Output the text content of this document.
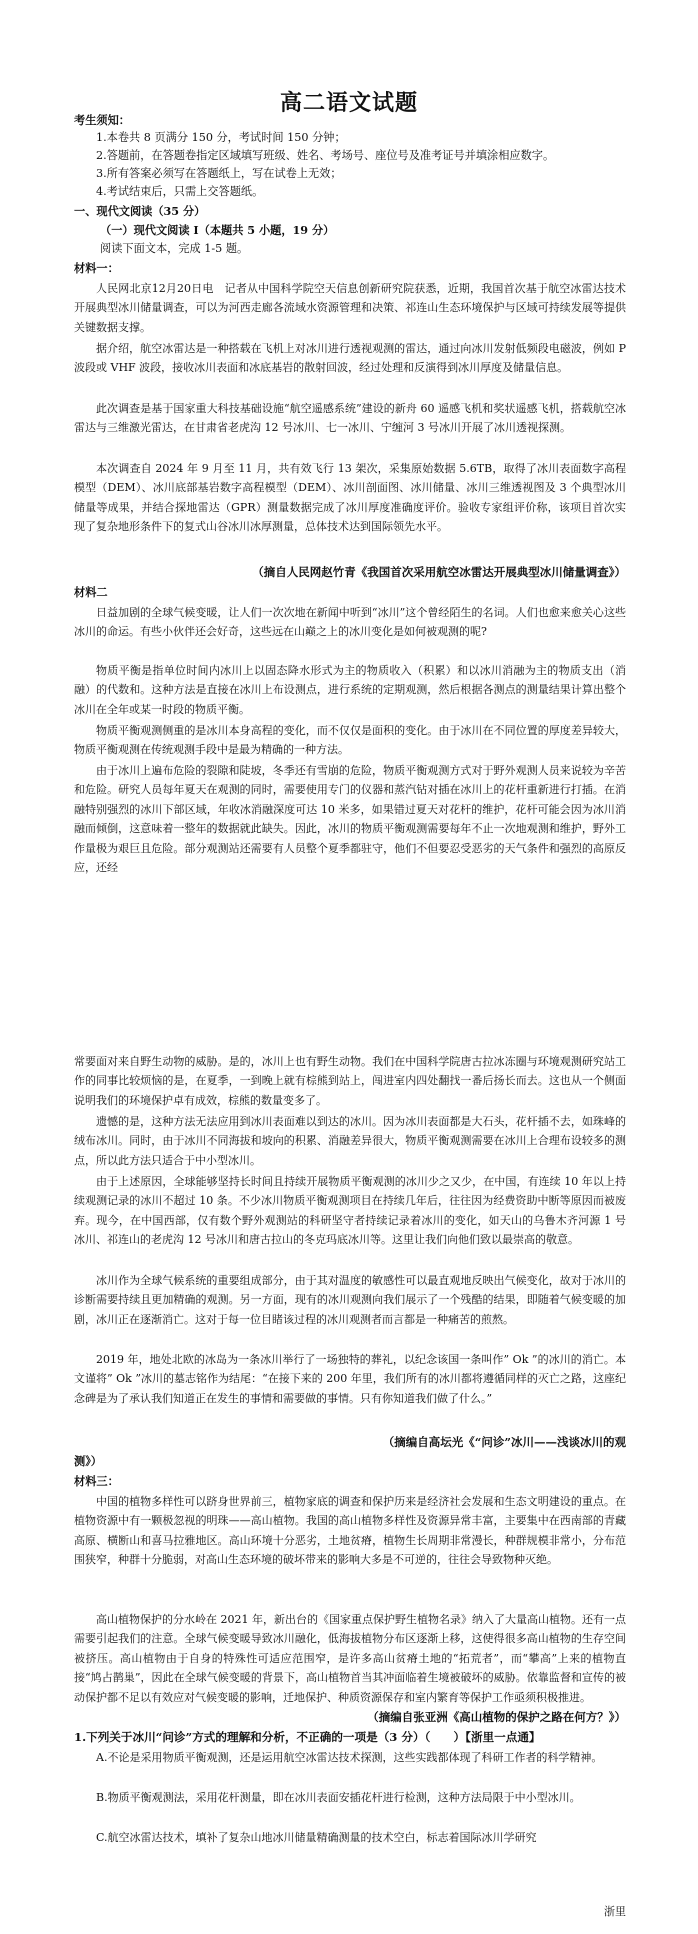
高二语文试题
考生须知：
1.本卷共 8 页满分 150 分，考试时间 150 分钟；
2.答题前，在答题卷指定区域填写班级、姓名、考场号、座位号及准考证号并填涂相应数字。
3.所有答案必须写在答题纸上，写在试卷上无效；
4.考试结束后，只需上交答题纸。
一、现代文阅读（35 分）
（一）现代文阅读 I（本题共 5 小题，19 分）
阅读下面文本，完成 1-5 题。
材料一：
人民网北京12月20日电　记者从中国科学院空天信息创新研究院获悉，近期，我国首次基于航空冰雷达技术开展典型冰川储量调查，可以为河西走廊各流域水资源管理和决策、祁连山生态环境保护与区域可持续发展等提供关键数据支撑。
据介绍，航空冰雷达是一种搭载在飞机上对冰川进行透视观测的雷达，通过向冰川发射低频段电磁波，例如 P 波段或 VHF 波段，接收冰川表面和冰底基岩的散射回波，经过处理和反演得到冰川厚度及储量信息。
此次调查是基于国家重大科技基础设施“航空遥感系统”建设的新舟 60 遥感飞机和奖状遥感飞机，搭载航空冰雷达与三维激光雷达，在甘肃省老虎沟 12 号冰川、七一冰川、宁缠河 3 号冰川开展了冰川透视探测。
本次调查自 2024 年 9 月至 11 月，共有效飞行 13 架次，采集原始数据 5.6TB，取得了冰川表面数字高程模型（DEM）、冰川底部基岩数字高程模型（DEM）、冰川剖面图、冰川储量、冰川三维透视图及 3 个典型冰川储量等成果，并结合探地雷达（GPR）测量数据完成了冰川厚度准确度评价。验收专家组评价称，该项目首次实现了复杂地形条件下的复式山谷冰川冰厚测量，总体技术达到国际领先水平。
（摘自人民网赵竹青《我国首次采用航空冰雷达开展典型冰川储量调查》）
材料二
日益加剧的全球气候变暖，让人们一次次地在新闻中听到“冰川”这个曾经陌生的名词。人们也愈来愈关心这些冰川的命运。有些小伙伴还会好奇，这些远在山巅之上的冰川变化是如何被观测的呢?
物质平衡是指单位时间内冰川上以固态降水形式为主的物质收入（积累）和以冰川消融为主的物质支出（消融）的代数和。这种方法是直接在冰川上布设测点，进行系统的定期观测，然后根据各测点的测量结果计算出整个冰川在全年或某一时段的物质平衡。
物质平衡观测侧重的是冰川本身高程的变化，而不仅仅是面积的变化。由于冰川在不同位置的厚度差异较大，物质平衡观测在传统观测手段中是最为精确的一种方法。
由于冰川上遍布危险的裂隙和陡坡，冬季还有雪崩的危险，物质平衡观测方式对于野外观测人员来说较为辛苦和危险。研究人员每年夏天在观测的同时，需要使用专门的仪器和蒸汽钻对插在冰川上的花杆重新进行打插。在消融特别强烈的冰川下部区域，年收冰消融深度可达 10 米多，如果错过夏天对花杆的维护，花杆可能会因为冰川消融而倾倒，这意味着一整年的数据就此缺失。因此，冰川的物质平衡观测需要每年不止一次地观测和维护，野外工作量极为艰巨且危险。部分观测站还需要有人员整个夏季都驻守，他们不但要忍受恶劣的天气条件和强烈的高原反应，还经
常要面对来自野生动物的威胁。是的，冰川上也有野生动物。我们在中国科学院唐古拉冰冻圈与环境观测研究站工作的同事比较烦恼的是，在夏季，一到晚上就有棕熊到站上，闯进室内四处翻找一番后扬长而去。这也从一个侧面说明我们的环境保护卓有成效，棕熊的数量变多了。
遗憾的是，这种方法无法应用到冰川表面难以到达的冰川。因为冰川表面都是大石头，花杆插不去，如珠峰的绒布冰川。同时，由于冰川不同海拔和坡向的积累、消融差异很大，物质平衡观测需要在冰川上合理布设较多的测点，所以此方法只适合于中小型冰川。
由于上述原因，全球能够坚持长时间且持续开展物质平衡观测的冰川少之又少，在中国，有连续 10 年以上持续观测记录的冰川不超过 10 条。不少冰川物质平衡观测项目在持续几年后，往往因为经费资助中断等原因而被废弃。现今，在中国西部，仅有数个野外观测站的科研坚守者持续记录着冰川的变化，如天山的乌鲁木齐河源 1 号冰川、祁连山的老虎沟 12 号冰川和唐古拉山的冬克玛底冰川等。这里让我们向他们致以最崇高的敬意。
冰川作为全球气候系统的重要组成部分，由于其对温度的敏感性可以最直观地反映出气候变化，故对于冰川的诊断需要持续且更加精确的观测。另一方面，现有的冰川观测向我们展示了一个残酷的结果，即随着气候变暖的加剧，冰川正在逐渐消亡。这对于每一位目睹该过程的冰川观测者而言都是一种痛苦的煎熬。
2019 年，地处北欧的冰岛为一条冰川举行了一场独特的葬礼，以纪念该国一条叫作” Ok ”的冰川的消亡。本文谨将” Ok ”冰川的墓志铭作为结尾：“在接下来的 200 年里，我们所有的冰川都将遵循同样的灭亡之路，这座纪念碑是为了承认我们知道正在发生的事情和需要做的事情。只有你知道我们做了什么。”
（摘编自高坛光《“问诊”冰川——浅谈冰川的观
测》）
材料三：
中国的植物多样性可以跻身世界前三，植物家底的调查和保护历来是经济社会发展和生态文明建设的重点。在植物资源中有一颗极忽视的明珠——高山植物。我国的高山植物多样性及资源异常丰富，主要集中在西南部的青藏高原、横断山和喜马拉雅地区。高山环境十分恶劣，土地贫瘠，植物生长周期非常漫长，种群规模非常小，分布范围狭窄，种群十分脆弱，对高山生态环境的破坏带来的影响大多是不可逆的，往往会导致物种灭绝。
高山植物保护的分水岭在 2021 年，新出台的《国家重点保护野生植物名录》纳入了大量高山植物。还有一点需要引起我们的注意。全球气候变暖导致冰川融化，低海拔植物分布区逐渐上移，这使得很多高山植物的生存空间被挤压。高山植物由于自身的特殊性可适应范围窄，是许多高山贫瘠土地的“拓荒者”，而“攀高”上来的植物直接“鸠占鹊巢”，因此在全球气候变暖的背景下，高山植物首当其冲面临着生境被破坏的威胁。依靠监督和宣传的被动保护都不足以有效应对气候变暖的影响，迁地保护、种质资源保存和室内繁育等保护工作亟须积极推进。
（摘编自张亚洲《高山植物的保护之路在何方？》）
1.下列关于冰川“问诊”方式的理解和分析，不正确的一项是（3 分）（　　）【浙里一点通】
A.不论是采用物质平衡观测，还是运用航空冰雷达技术探测，这些实践都体现了科研工作者的科学精神。
B.物质平衡观测法，采用花杆测量，即在冰川表面安插花杆进行检测，这种方法局限于中小型冰川。
C.航空冰雷达技术，填补了复杂山地冰川储量精确测量的技术空白，标志着国际冰川学研究
浙里
